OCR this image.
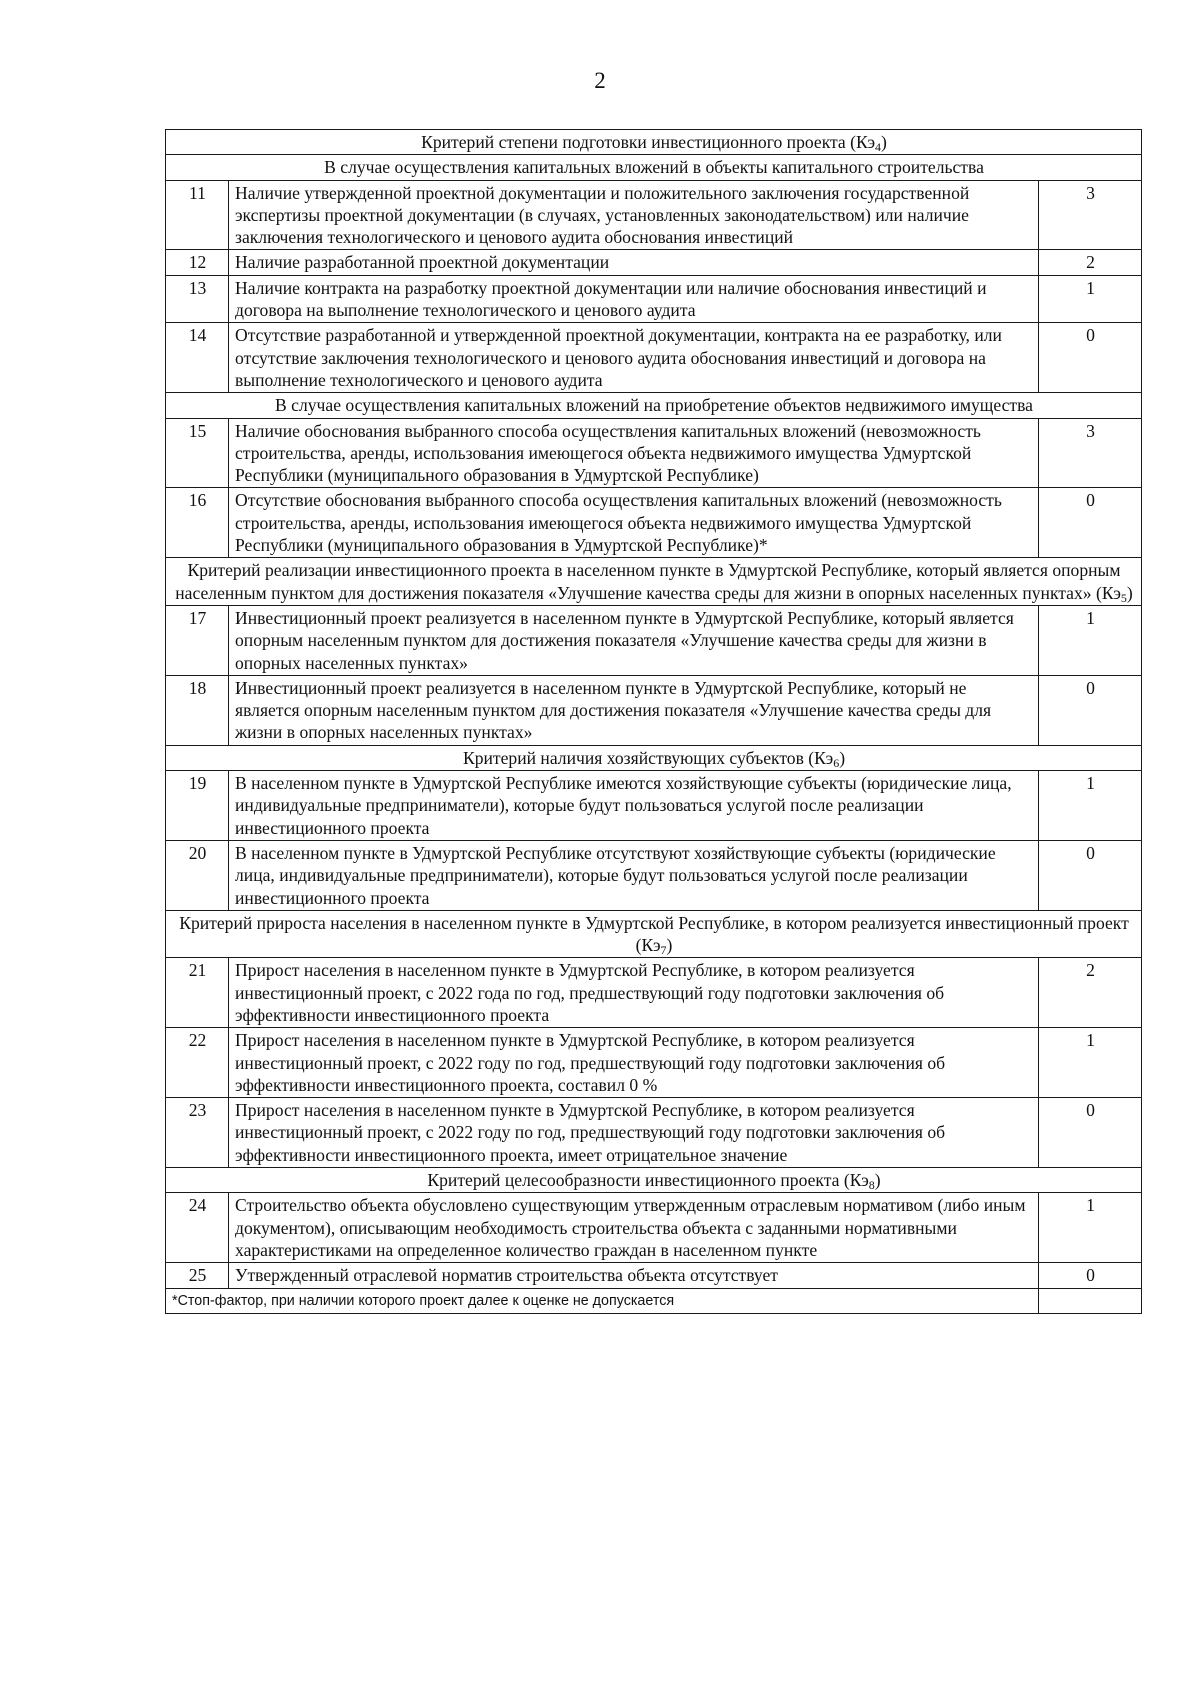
2
Критерий степени подготовки инвестиционного проекта $(Кэ_4)$		
В случае осуществления капитальных вложений в объекты капитального строительства		
11	Наличие утвержденной проектной документации и положительного заключения государственной экспертизы проектной документации (в случаях, установленных законодательством) или наличие заключения технологического и ценового аудита обоснования инвестиций	3
12	Наличие разработанной проектной документации	2
13	Наличие контракта на разработку проектной документации или наличие обоснования инвестиций и договора на выполнение технологического и ценового аудита	1
14	Отсутствие разработанной и утвержденной проектной документации, контракта на ее разработку, или отсутствие заключения технологического и ценового аудита обоснования инвестиций и договора на выполнение технологического и ценового аудита	0
В случае осуществления капитальных вложений на приобретение объектов недвижимого имущества		
15	Наличие обоснования выбранного способа осуществления капитальных вложений (невозможность строительства, аренды, использования имеющегося объекта недвижимого имущества Удмуртской Республики (муниципального образования в Удмуртской Республике)	3
16	Отсутствие обоснования выбранного способа осуществления капитальных вложений (невозможность строительства, аренды, использования имеющегося объекта недвижимого имущества Удмуртской Республики (муниципального образования в Удмуртской Республике)*	0
Критерий реализации инвестиционного проекта в населенном пункте в Удмуртской Республике, который является опорным населенным пунктом для достижения показателя «Улучшение качества среды для жизни в опорных населенных пунктах» $(Кэ_5)$		
17	Инвестиционный проект реализуется в населенном пункте в Удмуртской Республике, который является опорным населенным пунктом для достижения показателя «Улучшение качества среды для жизни в опорных населенных пунктах»	1
18	Инвестиционный проект реализуется в населенном пункте в Удмуртской Республике, который не является опорным населенным пунктом для достижения показателя «Улучшение качества среды для жизни в опорных населенных пунктах»	0
Критерий наличия хозяйствующих субъектов $(Кэ_6)$		
19	В населенном пункте в Удмуртской Республике имеются хозяйствующие субъекты (юридические лица, индивидуальные предприниматели), которые будут пользоваться услугой после реализации инвестиционного проекта	1
20	В населенном пункте в Удмуртской Республике отсутствуют хозяйствующие субъекты (юридические лица, индивидуальные предприниматели), которые будут пользоваться услугой после реализации инвестиционного проекта	0
Критерий прироста населения в населенном пункте в Удмуртской Республике, в котором реализуется инвестиционный проект $(Кэ_7)$		
21	Прирост населения в населенном пункте в Удмуртской Республике, в котором реализуется инвестиционный проект, с 2022 года по год, предшествующий году подготовки заключения об эффективности инвестиционного проекта	2
22	Прирост населения в населенном пункте в Удмуртской Республике, в котором реализуется инвестиционный проект, с 2022 году по год, предшествующий году подготовки заключения об эффективности инвестиционного проекта, составил 0 %	1
23	Прирост населения в населенном пункте в Удмуртской Республике, в котором реализуется инвестиционный проект, с 2022 году по год, предшествующий году подготовки заключения об эффективности инвестиционного проекта, имеет отрицательное значение	0
Критерий целесообразности инвестиционного проекта $(Кэ_8)$		
24	Строительство объекта обусловлено существующим утвержденным отраслевым нормативом (либо иным документом), описывающим необходимость строительства объекта с заданными нормативными характеристиками на определенное количество граждан в населенном пункте	1
25	Утвержденный отраслевой норматив строительства объекта отсутствует	0
*Стоп-фактор, при наличии которого проект далее к оценке не допускается		
